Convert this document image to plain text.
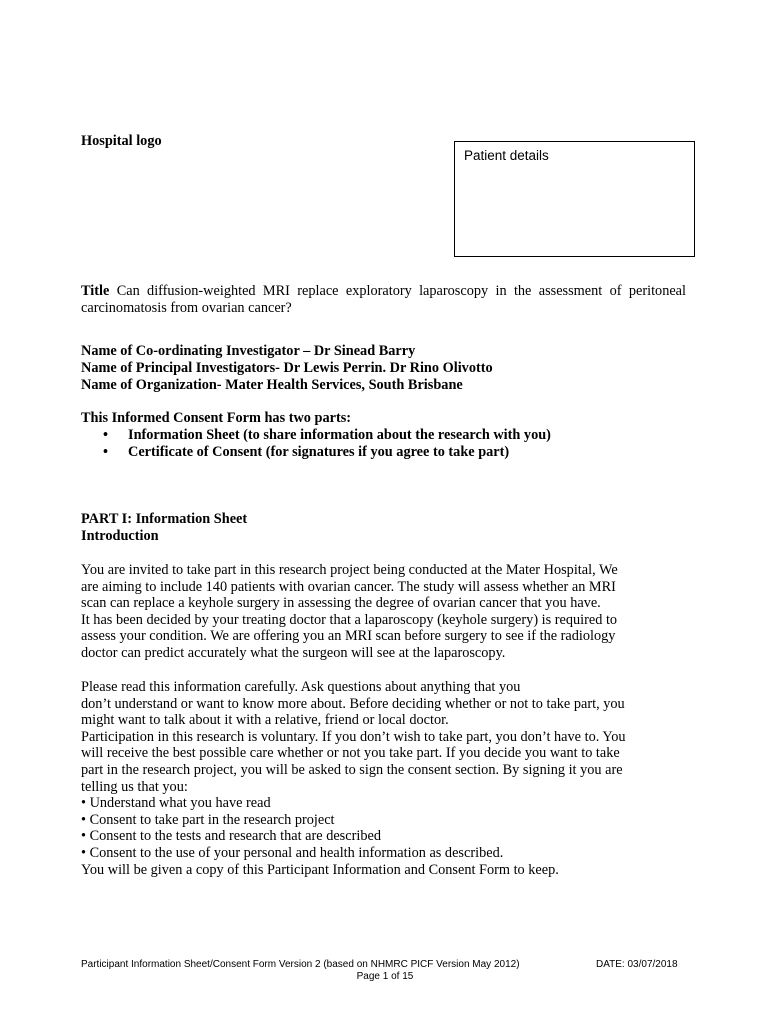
Hospital logo
Patient details
Title Can diffusion-weighted MRI replace exploratory laparoscopy in the assessment of peritoneal carcinomatosis from ovarian cancer?
Name of Co-ordinating Investigator – Dr Sinead Barry
Name of Principal Investigators- Dr Lewis Perrin. Dr Rino Olivotto
Name of Organization- Mater Health Services, South Brisbane
This Informed Consent Form has two parts:
• Information Sheet (to share information about the research with you)
• Certificate of Consent (for signatures if you agree to take part)
PART I: Information Sheet
Introduction
You are invited to take part in this research project being conducted at the Mater Hospital, We
are aiming to include 140 patients with ovarian cancer. The study will assess whether an MRI
scan can replace a keyhole surgery in assessing the degree of ovarian cancer that you have.
It has been decided by your treating doctor that a laparoscopy (keyhole surgery) is required to
assess your condition. We are offering you an MRI scan before surgery to see if the radiology
doctor can predict accurately what the surgeon will see at the laparoscopy.
Please read this information carefully. Ask questions about anything that you
don’t understand or want to know more about. Before deciding whether or not to take part, you
might want to talk about it with a relative, friend or local doctor.
Participation in this research is voluntary. If you don’t wish to take part, you don’t have to. You
will receive the best possible care whether or not you take part. If you decide you want to take
part in the research project, you will be asked to sign the consent section. By signing it you are
telling us that you:
• Understand what you have read
• Consent to take part in the research project
• Consent to the tests and research that are described
• Consent to the use of your personal and health information as described.
You will be given a copy of this Participant Information and Consent Form to keep.
Participant Information Sheet/Consent Form Version 2 (based on NHMRC PICF Version May 2012)	DATE: 03/07/2018
Page 1 of 15
